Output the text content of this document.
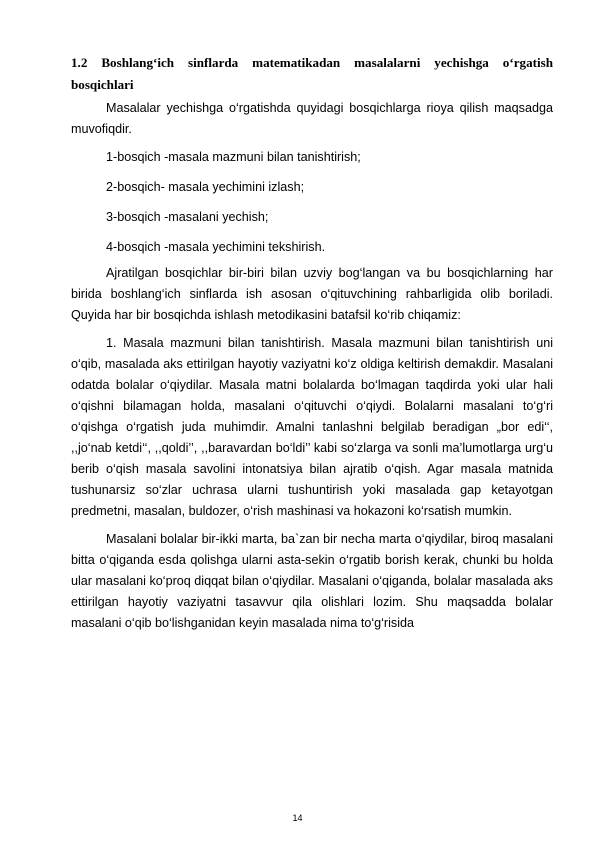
1.2 Boshlang‘ich sinflarda matematikadan masalalarni yechishga o‘rgatish bosqichlari

Masalalar yechishga o‘rgatishda quyidagi bosqichlarga rioya qilish maqsadga muvofiqdir.

1-bosqich -masala mazmuni bilan tanishtirish;

2-bosqich- masala yechimini izlash;

3-bosqich -masalani yechish;

4-bosqich -masala yechimini tekshirish.

Ajratilgan bosqichlar bir-biri bilan uzviy bog‘langan va bu bosqichlarning har birida boshlang‘ich sinflarda ish asosan o‘qituvchining rahbarligida olib boriladi. Quyida har bir bosqichda ishlash metodikasini batafsil ko‘rib chiqamiz:

1. Masala mazmuni bilan tanishtirish. Masala mazmuni bilan tanishtirish uni o‘qib, masalada aks ettirilgan hayotiy vaziyatni ko‘z oldiga keltirish demakdir. Masalani odatda bolalar o‘qiydilar. Masala matni bolalarda bo‘lmagan taqdirda yoki ular hali o‘qishni bilamagan holda, masalani o‘qituvchi o‘qiydi. Bolalarni masalani to‘g‘ri o‘qishga o‘rgatish juda muhimdir. Amalni tanlashni belgilab beradigan „bor edi‘‘, ,,jo‘nab ketdi‘‘, ,,qoldi’’, ,,baravardan bo‘ldi’’ kabi so‘zlarga va sonli ma’lumotlarga urg‘u berib o‘qish masala savolini intonatsiya bilan ajratib o‘qish. Agar masala matnida tushunarsiz so‘zlar uchrasa ularni tushuntirish yoki masalada gap ketayotgan predmetni, masalan, buldozer, o‘rish mashinasi va hokazoni ko‘rsatish mumkin.

Masalani bolalar bir-ikki marta, ba`zan bir necha marta o‘qiydilar, biroq masalani bitta o‘qiganda esda qolishga ularni asta-sekin o‘rgatib borish kerak, chunki bu holda ular masalani ko‘proq diqqat bilan o‘qiydilar. Masalani o‘qiganda, bolalar masalada aks ettirilgan hayotiy vaziyatni tasavvur qila olishlari lozim. Shu maqsadda bolalar masalani o‘qib bo‘lishganidan keyin masalada nima to‘g‘risida

14
